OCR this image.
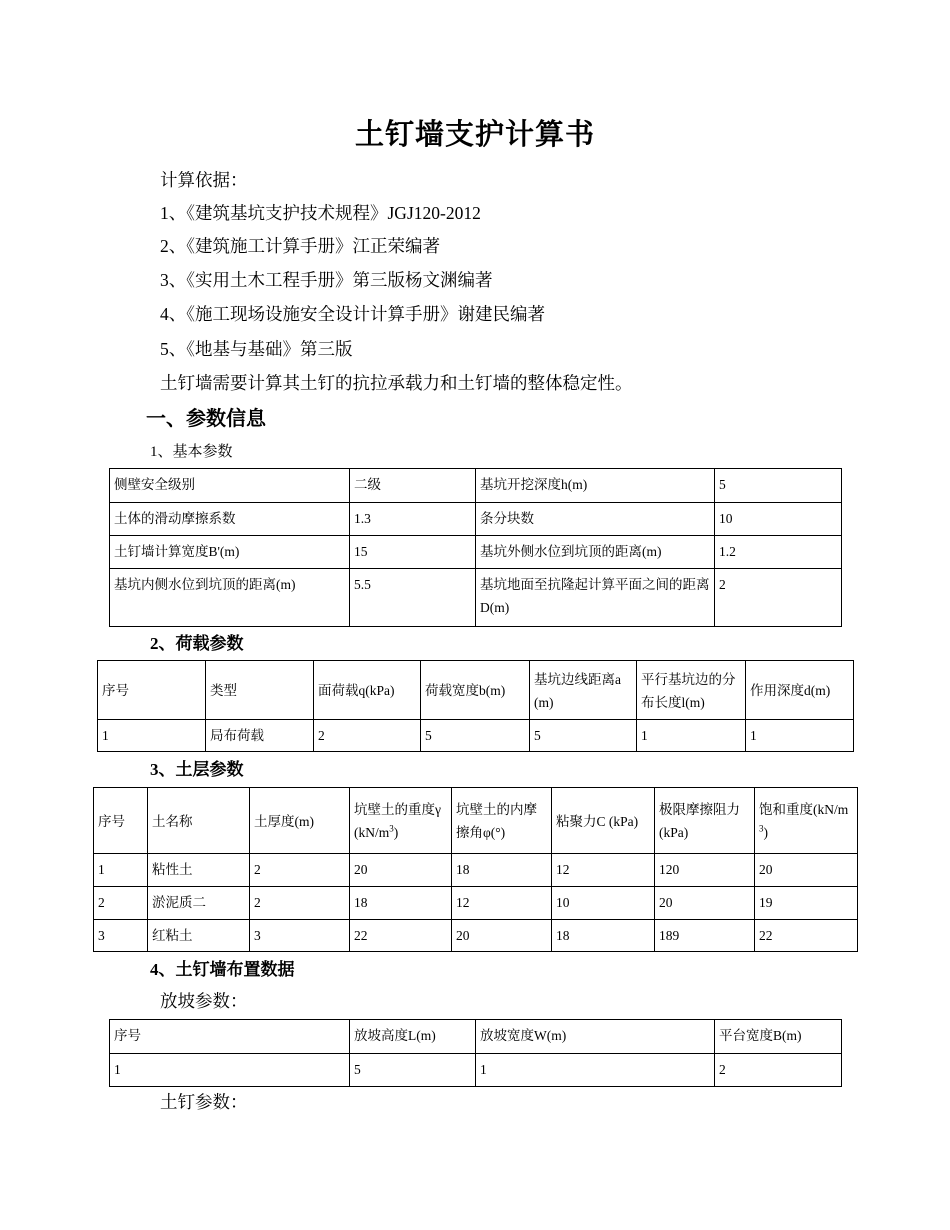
土钉墙支护计算书
计算依据：
1、《建筑基坑支护技术规程》JGJ120-2012
2、《建筑施工计算手册》江正荣编著
3、《实用土木工程手册》第三版杨文渊编著
4、《施工现场设施安全设计计算手册》谢建民编著
5、《地基与基础》第三版
土钉墙需要计算其土钉的抗拉承载力和土钉墙的整体稳定性。
一、参数信息
1、基本参数
侧壁安全级别	二级	基坑开挖深度h(m)	5
土体的滑动摩擦系数	1.3	条分块数	10
土钉墙计算宽度B'(m)	15	基坑外侧水位到坑顶的距离(m)	1.2
基坑内侧水位到坑顶的距离(m)	5.5	基坑地面至抗隆起计算平面之间的距离D(m)	2
2、荷载参数
序号	类型	面荷载q(kPa)	荷载宽度b(m)	基坑边线距离a(m)	平行基坑边的分布长度l(m)	作用深度d(m)
1	局布荷载	2	5	5	1	1
3、土层参数
序号	土名称	土厚度(m)	坑壁土的重度$\gamma(kN/m^3)$	坑壁土的内摩擦角φ(°)	粘聚力C (kPa)	极限摩擦阻力(kPa)	饱和重度$(kN/m^3)$
1	粘性土	2	20	18	12	120	20
2	淤泥质二	2	18	12	10	20	19
3	红粘土	3	22	20	18	189	22
4、土钉墙布置数据
放坡参数：
序号	放坡高度L(m)	放坡宽度W(m)	平台宽度B(m)
1	5	1	2
土钉参数：
